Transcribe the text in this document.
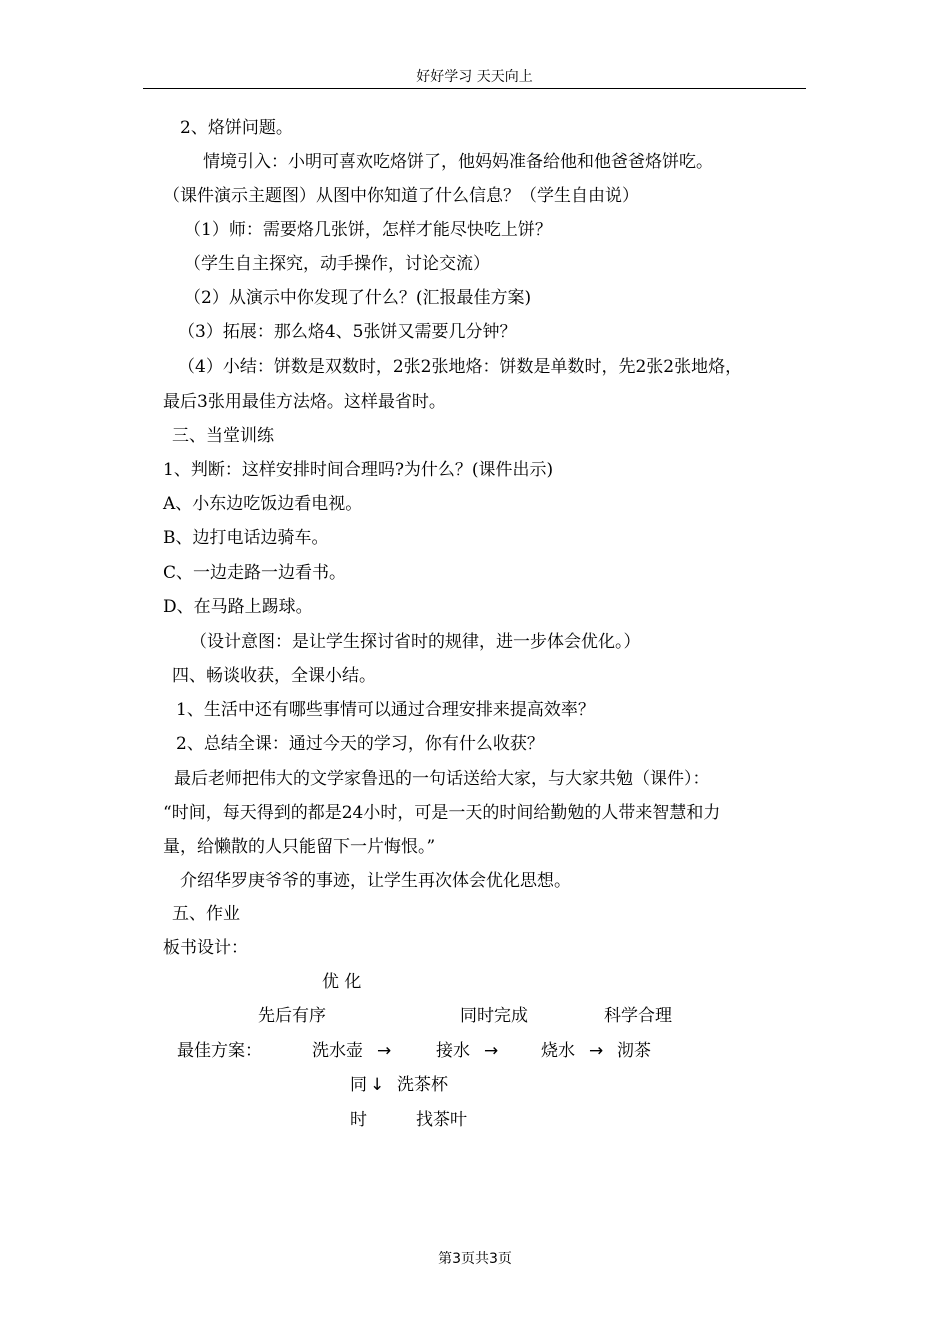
好好学习 天天向上
2、烙饼问题。
情境引入：小明可喜欢吃烙饼了，他妈妈准备给他和他爸爸烙饼吃。
（课件演示主题图）从图中你知道了什么信息？（学生自由说）
（1）师：需要烙几张饼，怎样才能尽快吃上饼？
（学生自主探究，动手操作，讨论交流）
（2）从演示中你发现了什么？(汇报最佳方案)
（3）拓展：那么烙4、5张饼又需要几分钟？
（4）小结：饼数是双数时，2张2张地烙：饼数是单数时，先2张2张地烙，
最后3张用最佳方法烙。这样最省时。
三、当堂训练
1、判断：这样安排时间合理吗?为什么？(课件出示)
A、小东边吃饭边看电视。
B、边打电话边骑车。
C、一边走路一边看书。
D、在马路上踢球。
（设计意图：是让学生探讨省时的规律，进一步体会优化。）
四、畅谈收获，全课小结。
1、生活中还有哪些事情可以通过合理安排来提高效率？
2、总结全课：通过今天的学习，你有什么收获？
最后老师把伟大的文学家鲁迅的一句话送给大家，与大家共勉（课件）：
“时间，每天得到的都是24小时，可是一天的时间给勤勉的人带来智慧和力
量，给懒散的人只能留下一片悔恨。”
介绍华罗庚爷爷的事迹，让学生再次体会优化思想。
五、作业
板书设计：
优 化
先后有序	同时完成	科学合理
最佳方案：	洗水壶 →	接水 →	烧水 → 沏茶
同 ↓ 洗茶杯
时	找茶叶
第3页共3页
